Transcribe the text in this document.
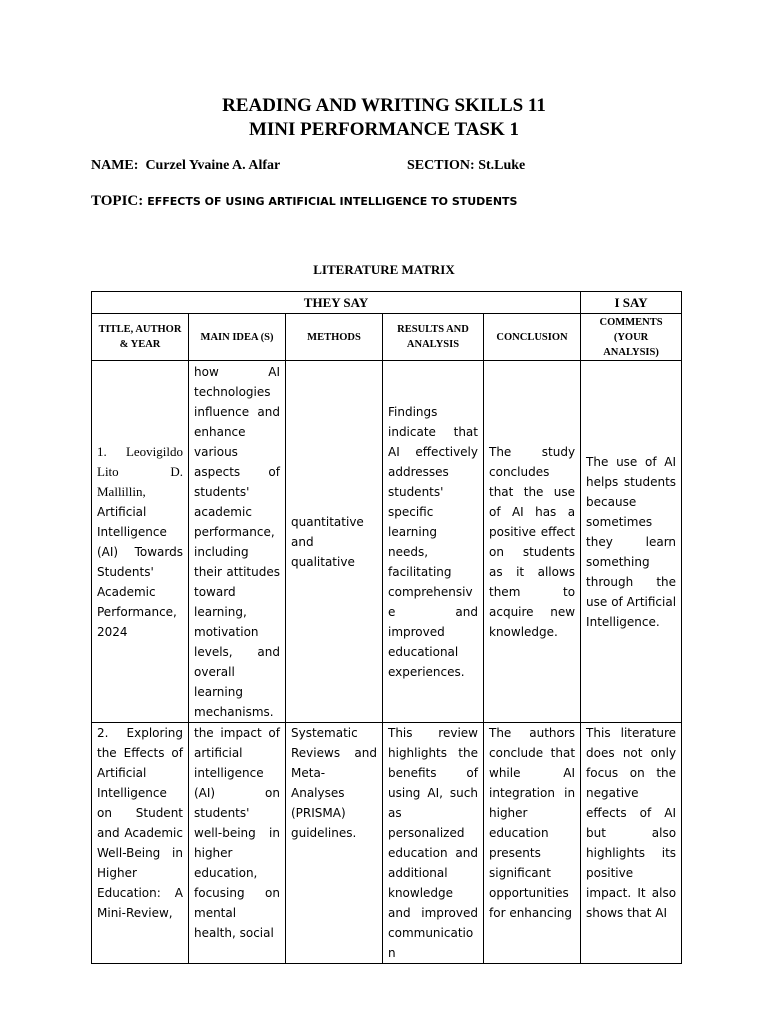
READING AND WRITING SKILLS 11
MINI PERFORMANCE TASK 1
NAME: Curzel Yvaine A. Alfar	SECTION: St.Luke
TOPIC: EFFECTS OF USING ARTIFICIAL INTELLIGENCE TO STUDENTS
LITERATURE MATRIX
THEY SAY					I SAY
TITLE, AUTHOR & YEAR	MAIN IDEA (S)	METHODS	RESULTS AND ANALYSIS	CONCLUSION	COMMENTS (YOUR ANALYSIS)

1. Leovigildo Lito D. Mallillin,

Artificial Intelligence (AI) Towards Students' Academic Performance, 2024	how AI technologies influence and enhance various aspects of students' academic performance, including their attitudes toward learning, motivation levels, and overall learning mechanisms.	quantitative and qualitative	Findings indicate that AI effectively addresses students' specific learning needs, facilitating comprehensive and improved educational experiences.	The study concludes that the use of AI has a positive effect on students as it allows them to acquire new knowledge.	The use of AI helps students because sometimes they learn something through the use of Artificial Intelligence.
2. Exploring the Effects of Artificial Intelligence on Student and Academic Well-Being in Higher Education: A Mini-Review,	the impact of artificial intelligence (AI) on students' well-being in higher education, focusing on mental health, social	Systematic Reviews and Meta-Analyses (PRISMA) guidelines.	This review highlights the benefits of using AI, such as personalized education and additional knowledge and improved communication	The authors conclude that while AI integration in higher education presents significant opportunities for enhancing	This literature does not only focus on the negative effects of AI but also highlights its positive impact. It also shows that AI
